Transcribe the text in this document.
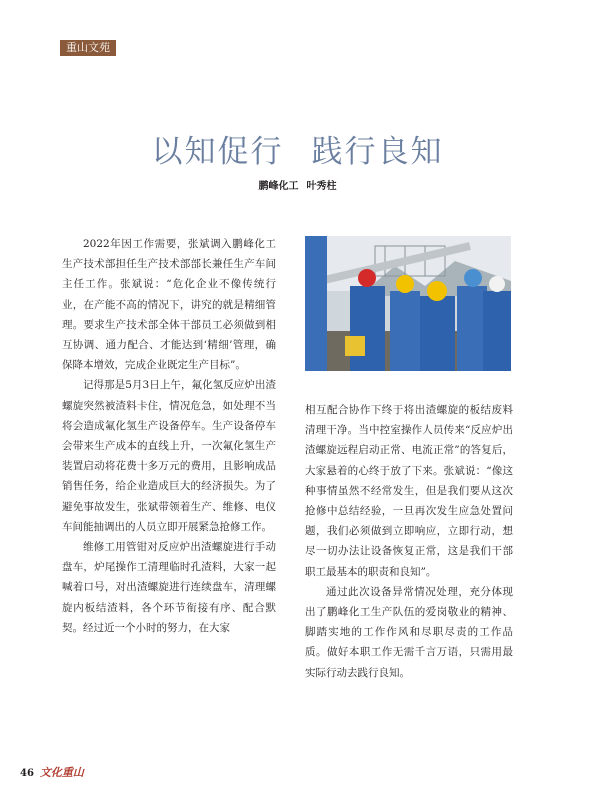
重山文苑
以知促行 践行良知
鹏峰化工 叶秀柱

2022年因工作需要，张斌调入鹏峰化工生产技术部担任生产技术部部长兼任生产车间主任工作。张斌说：“危化企业不像传统行业，在产能不高的情况下，讲究的就是精细管理。要求生产技术部全体干部员工必须做到相互协调、通力配合、才能达到‘精细’管理，确保降本增效，完成企业既定生产目标”。

记得那是5月3日上午，氟化氢反应炉出渣螺旋突然被渣料卡住，情况危急，如处理不当将会造成氟化氢生产设备停车。生产设备停车会带来生产成本的直线上升，一次氟化氢生产装置启动将花费十多万元的费用，且影响成品销售任务，给企业造成巨大的经济损失。为了避免事故发生，张斌带领着生产、维修、电仪车间能抽调出的人员立即开展紧急抢修工作。

维修工用管钳对反应炉出渣螺旋进行手动盘车，炉尾操作工清理临时孔渣料，大家一起喊着口号，对出渣螺旋进行连续盘车，清理螺旋内板结渣料，各个环节衔接有序、配合默契。经过近一个小时的努力，在大家

相互配合协作下终于将出渣螺旋的板结废料清理干净。当中控室操作人员传来“反应炉出渣螺旋远程启动正常、电流正常”的答复后，大家悬着的心终于放了下来。张斌说：“像这种事情虽然不经常发生，但是我们要从这次抢修中总结经验，一旦再次发生应急处置问题，我们必须做到立即响应，立即行动，想尽一切办法让设备恢复正常，这是我们干部职工最基本的职责和良知”。

通过此次设备异常情况处理，充分体现出了鹏峰化工生产队伍的爱岗敬业的精神、脚踏实地的工作作风和尽职尽责的工作品质。做好本职工作无需千言万语，只需用最实际行动去践行良知。

46 文化重山
